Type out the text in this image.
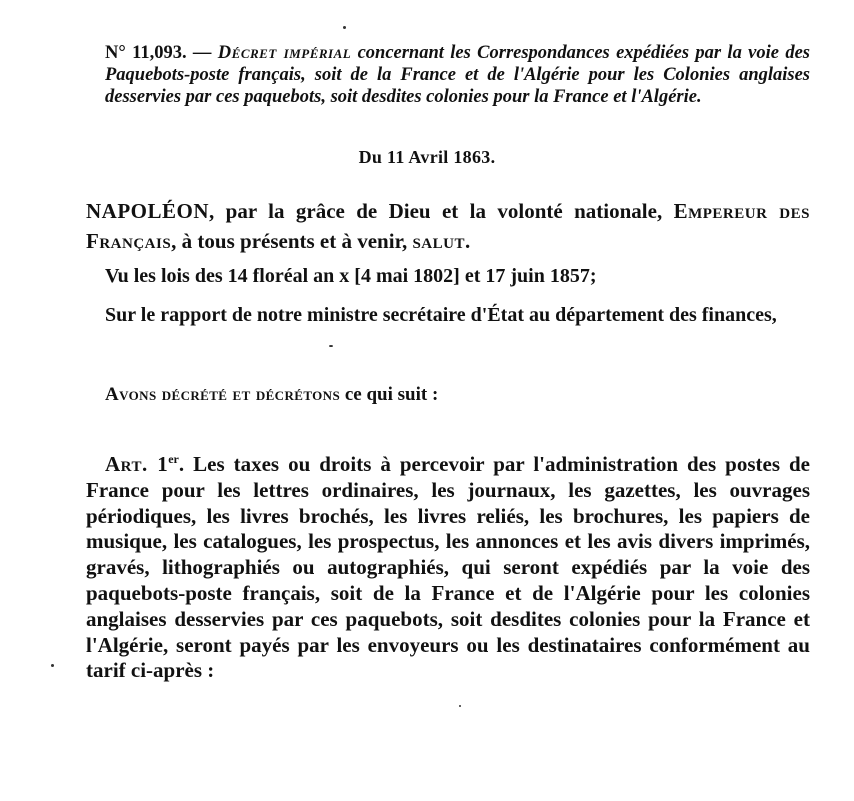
N° 11,093. — Décret impérial concernant les Correspondances expédiées par la voie des Paquebots-poste français, soit de la France et de l'Algérie pour les Colonies anglaises desservies par ces paquebots, soit desdites colonies pour la France et l'Algérie.
Du 11 Avril 1863.
NAPOLÉON, par la grâce de Dieu et la volonté nationale, Empereur des Français, à tous présents et à venir, salut.
Vu les lois des 14 floréal an x [4 mai 1802] et 17 juin 1857;
Sur le rapport de notre ministre secrétaire d'État au département des finances,
Avons décrété et décrétons ce qui suit :
Art. 1er. Les taxes ou droits à percevoir par l'administration des postes de France pour les lettres ordinaires, les journaux, les gazettes, les ouvrages périodiques, les livres brochés, les livres reliés, les brochures, les papiers de musique, les catalogues, les prospectus, les annonces et les avis divers imprimés, gravés, lithographiés ou autographiés, qui seront expédiés par la voie des paquebots-poste français, soit de la France et de l'Algérie pour les colonies anglaises desservies par ces paquebots, soit desdites colonies pour la France et l'Algérie, seront payés par les envoyeurs ou les destinataires conformément au tarif ci-après :
